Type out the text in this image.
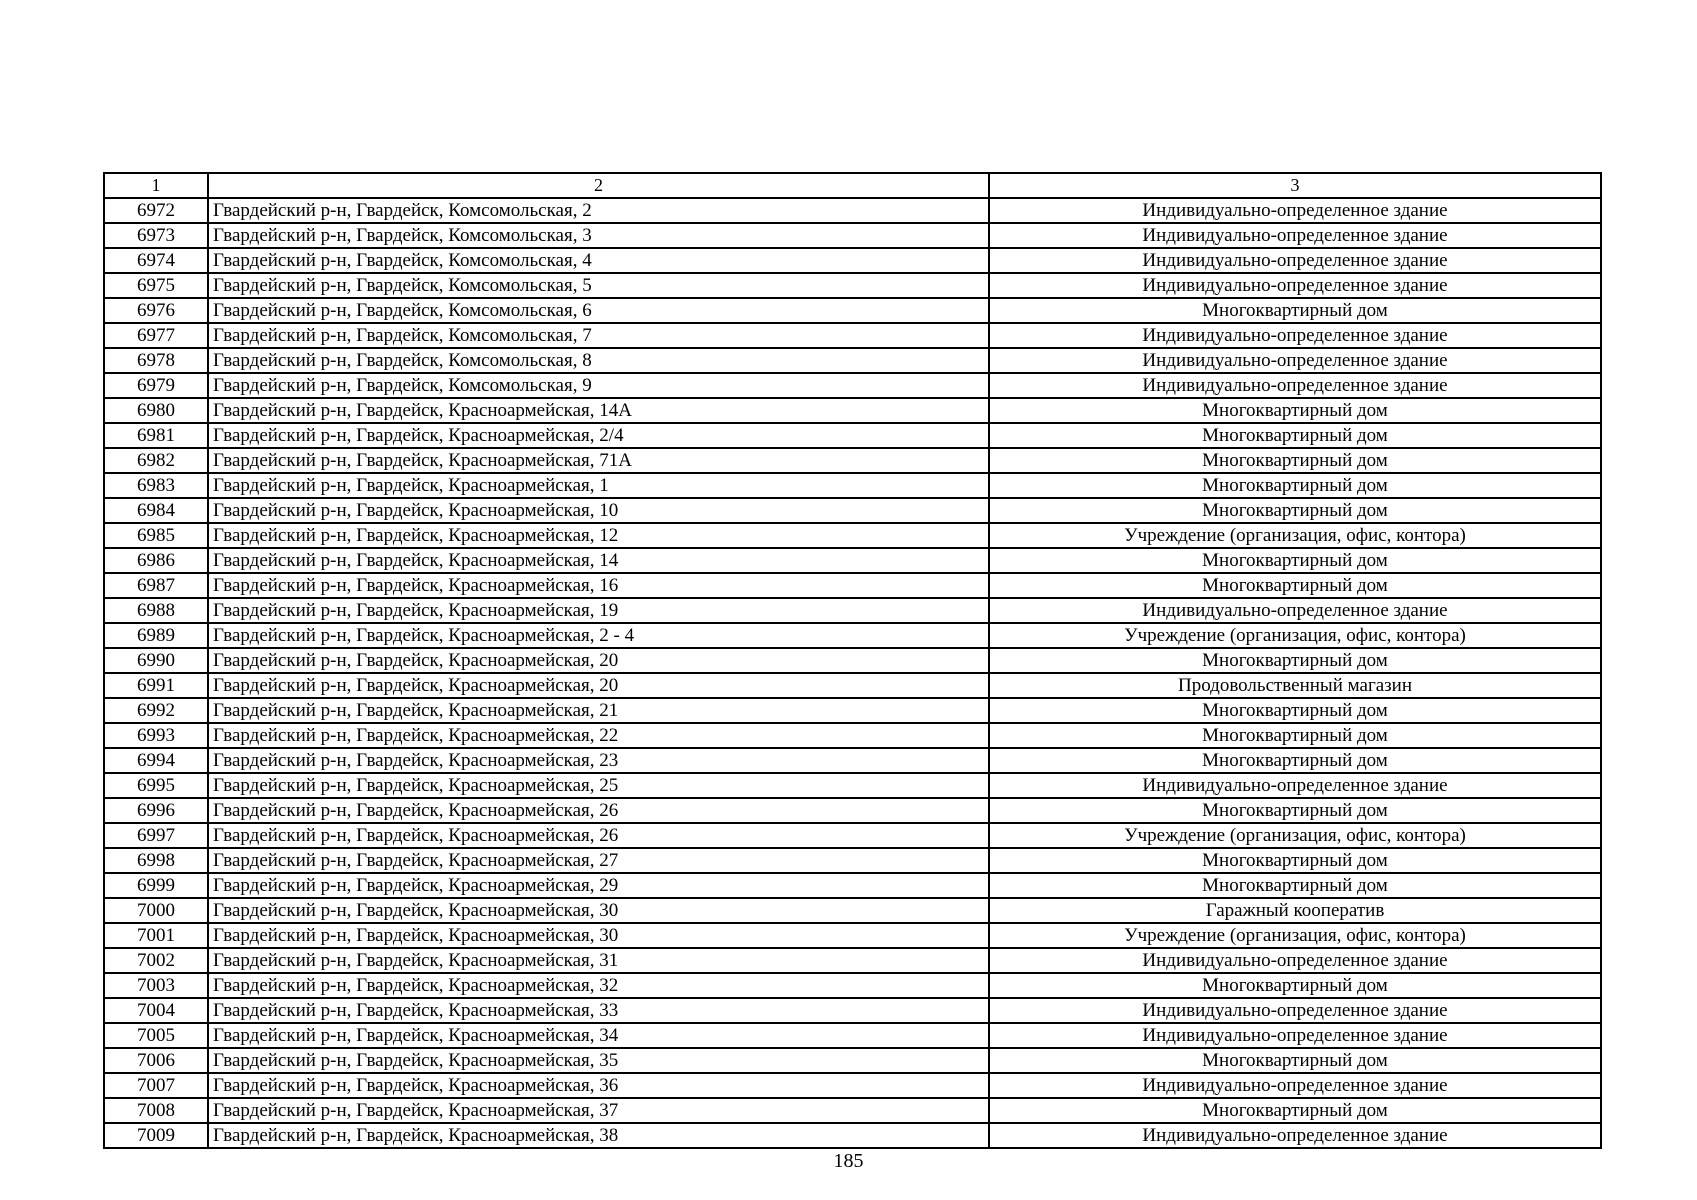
1	2	3
6972	Гвардейский р-н, Гвардейск, Комсомольская, 2	Индивидуально-определенное здание
6973	Гвардейский р-н, Гвардейск, Комсомольская, 3	Индивидуально-определенное здание
6974	Гвардейский р-н, Гвардейск, Комсомольская, 4	Индивидуально-определенное здание
6975	Гвардейский р-н, Гвардейск, Комсомольская, 5	Индивидуально-определенное здание
6976	Гвардейский р-н, Гвардейск, Комсомольская, 6	Многоквартирный дом
6977	Гвардейский р-н, Гвардейск, Комсомольская, 7	Индивидуально-определенное здание
6978	Гвардейский р-н, Гвардейск, Комсомольская, 8	Индивидуально-определенное здание
6979	Гвардейский р-н, Гвардейск, Комсомольская, 9	Индивидуально-определенное здание
6980	Гвардейский р-н, Гвардейск, Красноармейская, 14А	Многоквартирный дом
6981	Гвардейский р-н, Гвардейск, Красноармейская, 2/4	Многоквартирный дом
6982	Гвардейский р-н, Гвардейск, Красноармейская, 71А	Многоквартирный дом
6983	Гвардейский р-н, Гвардейск, Красноармейская, 1	Многоквартирный дом
6984	Гвардейский р-н, Гвардейск, Красноармейская, 10	Многоквартирный дом
6985	Гвардейский р-н, Гвардейск, Красноармейская, 12	Учреждение (организация, офис, контора)
6986	Гвардейский р-н, Гвардейск, Красноармейская, 14	Многоквартирный дом
6987	Гвардейский р-н, Гвардейск, Красноармейская, 16	Многоквартирный дом
6988	Гвардейский р-н, Гвардейск, Красноармейская, 19	Индивидуально-определенное здание
6989	Гвардейский р-н, Гвардейск, Красноармейская, 2 - 4	Учреждение (организация, офис, контора)
6990	Гвардейский р-н, Гвардейск, Красноармейская, 20	Многоквартирный дом
6991	Гвардейский р-н, Гвардейск, Красноармейская, 20	Продовольственный магазин
6992	Гвардейский р-н, Гвардейск, Красноармейская, 21	Многоквартирный дом
6993	Гвардейский р-н, Гвардейск, Красноармейская, 22	Многоквартирный дом
6994	Гвардейский р-н, Гвардейск, Красноармейская, 23	Многоквартирный дом
6995	Гвардейский р-н, Гвардейск, Красноармейская, 25	Индивидуально-определенное здание
6996	Гвардейский р-н, Гвардейск, Красноармейская, 26	Многоквартирный дом
6997	Гвардейский р-н, Гвардейск, Красноармейская, 26	Учреждение (организация, офис, контора)
6998	Гвардейский р-н, Гвардейск, Красноармейская, 27	Многоквартирный дом
6999	Гвардейский р-н, Гвардейск, Красноармейская, 29	Многоквартирный дом
7000	Гвардейский р-н, Гвардейск, Красноармейская, 30	Гаражный кооператив
7001	Гвардейский р-н, Гвардейск, Красноармейская, 30	Учреждение (организация, офис, контора)
7002	Гвардейский р-н, Гвардейск, Красноармейская, 31	Индивидуально-определенное здание
7003	Гвардейский р-н, Гвардейск, Красноармейская, 32	Многоквартирный дом
7004	Гвардейский р-н, Гвардейск, Красноармейская, 33	Индивидуально-определенное здание
7005	Гвардейский р-н, Гвардейск, Красноармейская, 34	Индивидуально-определенное здание
7006	Гвардейский р-н, Гвардейск, Красноармейская, 35	Многоквартирный дом
7007	Гвардейский р-н, Гвардейск, Красноармейская, 36	Индивидуально-определенное здание
7008	Гвардейский р-н, Гвардейск, Красноармейская, 37	Многоквартирный дом
7009	Гвардейский р-н, Гвардейск, Красноармейская, 38	Индивидуально-определенное здание
185
